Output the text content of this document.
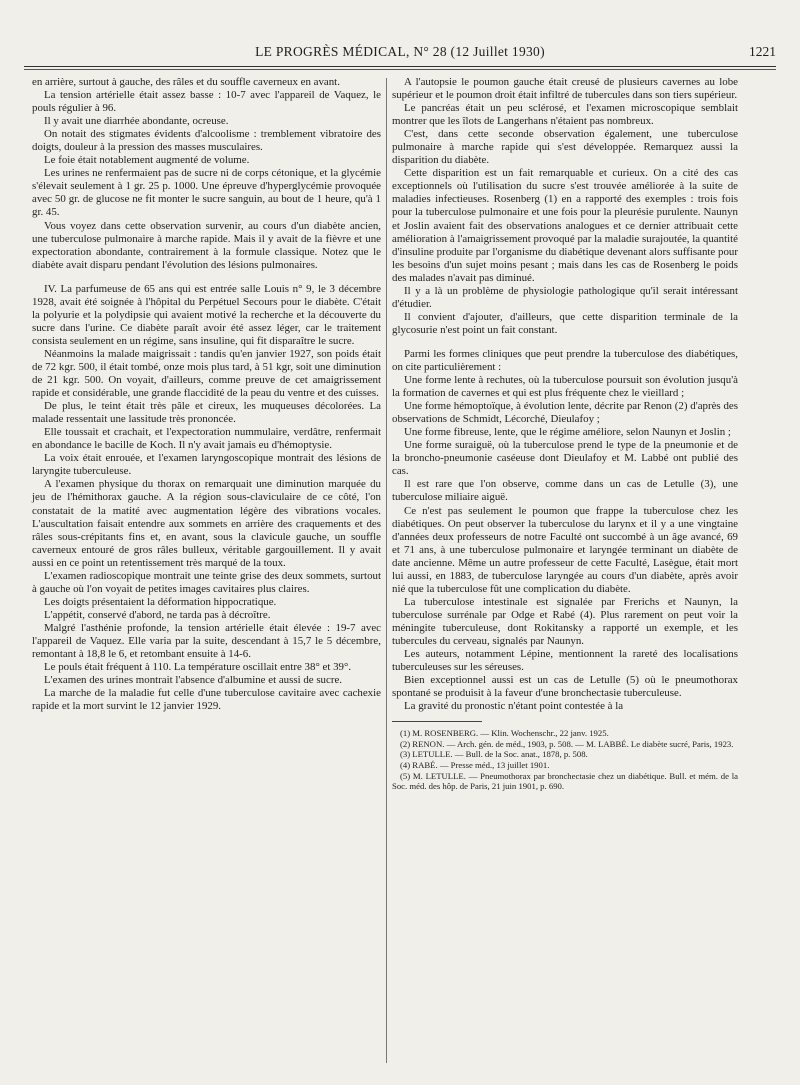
LE PROGRÈS MÉDICAL, N° 28 (12 Juillet 1930)	1221

en arrière, surtout à gauche, des râles et du souffle caverneux en avant.

La tension artérielle était assez basse : 10-7 avec l'appareil de Vaquez, le pouls régulier à 96.

Il y avait une diarrhée abondante, ocreuse.

On notait des stigmates évidents d'alcoolisme : tremblement vibratoire des doigts, douleur à la pression des masses musculaires.

Le foie était notablement augmenté de volume.

Les urines ne renfermaient pas de sucre ni de corps cétonique, et la glycémie s'élevait seulement à 1 gr. 25 p. 1000. Une épreuve d'hyperglycémie provoquée avec 50 gr. de glucose ne fit monter le sucre sanguin, au bout de 1 heure, qu'à 1 gr. 45.

Vous voyez dans cette observation survenir, au cours d'un diabète ancien, une tuberculose pulmonaire à marche rapide. Mais il y avait de la fièvre et une expectoration abondante, contrairement à la formule classique. Notez que le diabète avait disparu pendant l'évolution des lésions pulmonaires.

IV. La parfumeuse de 65 ans qui est entrée salle Louis n° 9, le 3 décembre 1928, avait été soignée à l'hôpital du Perpétuel Secours pour le diabète. C'était la polyurie et la polydipsie qui avaient motivé la recherche et la découverte du sucre dans l'urine. Ce diabète paraît avoir été assez léger, car le traitement consista seulement en un régime, sans insuline, qui fit disparaître le sucre.

Néanmoins la malade maigrissait : tandis qu'en janvier 1927, son poids était de 72 kgr. 500, il était tombé, onze mois plus tard, à 51 kgr, soit une diminution de 21 kgr. 500. On voyait, d'ailleurs, comme preuve de cet amaigrissement rapide et considérable, une grande flaccidité de la peau du ventre et des cuisses.

De plus, le teint était très pâle et cireux, les muqueuses décolorées. La malade ressentait une lassitude très prononcée.

Elle toussait et crachait, et l'expectoration nummulaire, verdâtre, renfermait en abondance le bacille de Koch. Il n'y avait jamais eu d'hémoptysie.

La voix était enrouée, et l'examen laryngoscopique montrait des lésions de laryngite tuberculeuse.

A l'examen physique du thorax on remarquait une diminution marquée du jeu de l'hémithorax gauche. A la région sous-claviculaire de ce côté, l'on constatait de la matité avec augmentation légère des vibrations vocales. L'auscultation faisait entendre aux sommets en arrière des craquements et des râles sous-crépitants fins et, en avant, sous la clavicule gauche, un souffle caverneux entouré de gros râles bulleux, véritable gargouillement. Il y avait aussi en ce point un retentissement très marqué de la toux.

L'examen radioscopique montrait une teinte grise des deux sommets, surtout à gauche où l'on voyait de petites images cavitaires plus claires.

Les doigts présentaient la déformation hippocratique.

L'appétit, conservé d'abord, ne tarda pas à décroître.

Malgré l'asthénie profonde, la tension artérielle était élevée : 19-7 avec l'appareil de Vaquez. Elle varia par la suite, descendant à 15,7 le 5 décembre, remontant à 18,8 le 6, et retombant ensuite à 14-6.

Le pouls était fréquent à 110. La température oscillait entre 38° et 39°.

L'examen des urines montrait l'absence d'albumine et aussi de sucre.

La marche de la maladie fut celle d'une tuberculose cavitaire avec cachexie rapide et la mort survint le 12 janvier 1929.

A l'autopsie le poumon gauche était creusé de plusieurs cavernes au lobe supérieur et le poumon droit était infiltré de tubercules dans son tiers supérieur.

Le pancréas était un peu sclérosé, et l'examen microscopique semblait montrer que les îlots de Langerhans n'étaient pas nombreux.

C'est, dans cette seconde observation également, une tuberculose pulmonaire à marche rapide qui s'est développée. Remarquez aussi la disparition du diabète.

Cette disparition est un fait remarquable et curieux. On a cité des cas exceptionnels où l'utilisation du sucre s'est trouvée améliorée à la suite de maladies infectieuses. Rosenberg (1) en a rapporté des exemples : trois fois pour la tuberculose pulmonaire et une fois pour la pleurésie purulente. Naunyn et Joslin avaient fait des observations analogues et ce dernier attribuait cette amélioration à l'amaigrissement provoqué par la maladie surajoutée, la quantité d'insuline produite par l'organisme du diabétique devenant alors suffisante pour les besoins d'un sujet moins pesant ; mais dans les cas de Rosenberg le poids des malades n'avait pas diminué.

Il y a là un problème de physiologie pathologique qu'il serait intéressant d'étudier.

Il convient d'ajouter, d'ailleurs, que cette disparition terminale de la glycosurie n'est point un fait constant.

Parmi les formes cliniques que peut prendre la tuberculose des diabétiques, on cite particulièrement :

Une forme lente à rechutes, où la tuberculose poursuit son évolution jusqu'à la formation de cavernes et qui est plus fréquente chez le vieillard ;

Une forme hémoptoïque, à évolution lente, décrite par Renon (2) d'après des observations de Schmidt, Lécorché, Dieulafoy ;

Une forme fibreuse, lente, que le régime améliore, selon Naunyn et Joslin ;

Une forme suraiguë, où la tuberculose prend le type de la pneumonie et de la broncho-pneumonie caséeuse dont Dieulafoy et M. Labbé ont publié des cas.

Il est rare que l'on observe, comme dans un cas de Letulle (3), une tuberculose miliaire aiguë.

Ce n'est pas seulement le poumon que frappe la tuberculose chez les diabétiques. On peut observer la tuberculose du larynx et il y a une vingtaine d'années deux professeurs de notre Faculté ont succombé à un âge avancé, 69 et 71 ans, à une tuberculose pulmonaire et laryngée terminant un diabète de date ancienne. Même un autre professeur de cette Faculté, Lasègue, était mort lui aussi, en 1883, de tuberculose laryngée au cours d'un diabète, après avoir nié que la tuberculose fût une complication du diabète.

La tuberculose intestinale est signalée par Frerichs et Naunyn, la tuberculose surrénale par Odge et Rabé (4). Plus rarement on peut voir la méningite tuberculeuse, dont Rokitansky a rapporté un exemple, et les tubercules du cerveau, signalés par Naunyn.

Les auteurs, notamment Lépine, mentionnent la rareté des localisations tuberculeuses sur les séreuses.

Bien exceptionnel aussi est un cas de Letulle (5) où le pneumothorax spontané se produisit à la faveur d'une bronchectasie tuberculeuse.

La gravité du pronostic n'étant point contestée à la

(1) M. ROSENBERG. — Klin. Wochenschr., 22 janv. 1925.

(2) RENON. — Arch. gén. de méd., 1903, p. 508. — M. LABBÉ. Le diabète sucré, Paris, 1923.

(3) LETULLE. — Bull. de la Soc. anat., 1878, p. 508.

(4) RABÉ. — Presse méd., 13 juillet 1901.

(5) M. LETULLE. — Pneumothorax par bronchectasie chez un diabétique. Bull. et mém. de la Soc. méd. des hôp. de Paris, 21 juin 1901, p. 690.
